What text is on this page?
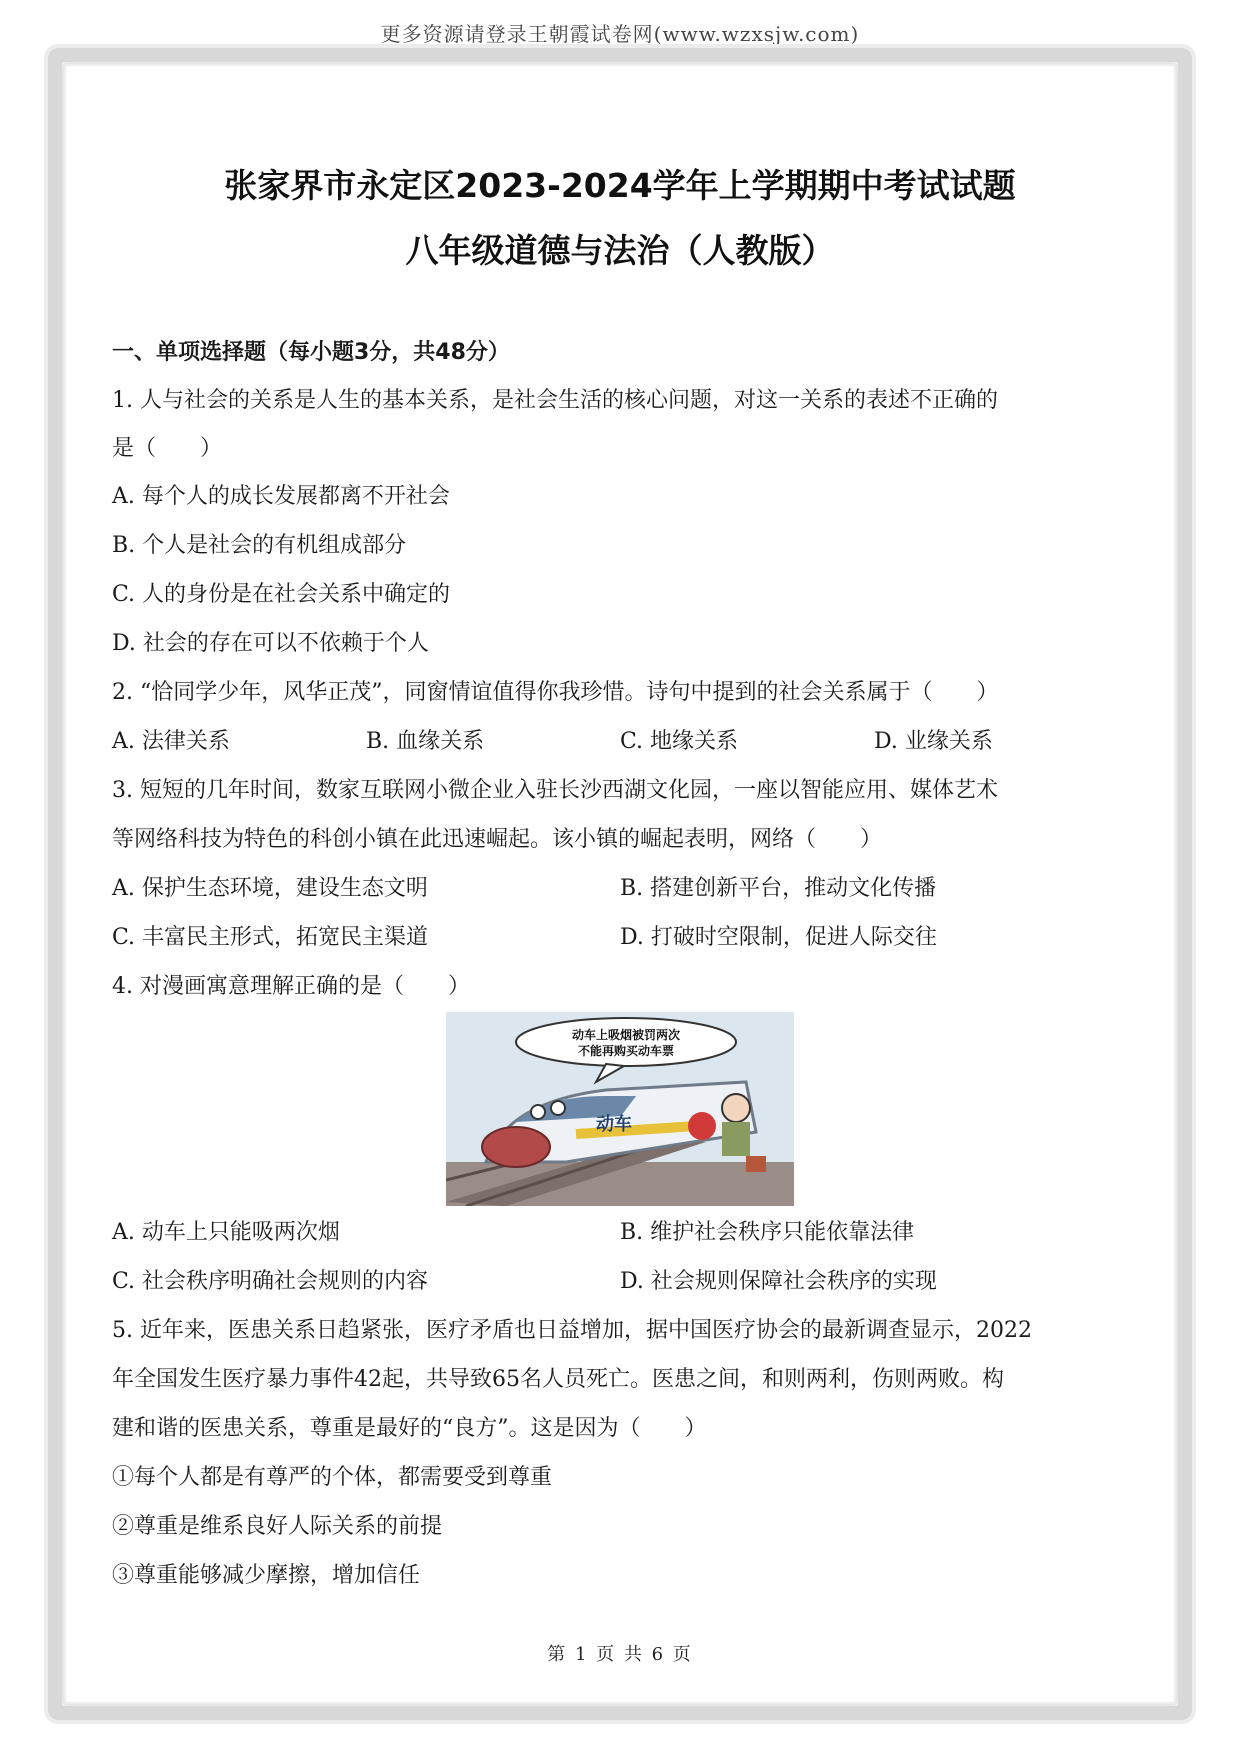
更多资源请登录王朝霞试卷网(www.wzxsjw.com)
张家界市永定区2023-2024学年上学期期中考试试题
八年级道德与法治（人教版）
一、单项选择题（每小题3分，共48分）
1. 人与社会的关系是人生的基本关系，是社会生活的核心问题，对这一关系的表述不正确的
是（　　）
A. 每个人的成长发展都离不开社会
B. 个人是社会的有机组成部分
C. 人的身份是在社会关系中确定的
D. 社会的存在可以不依赖于个人
2. “恰同学少年，风华正茂”，同窗情谊值得你我珍惜。诗句中提到的社会关系属于（　　）
A. 法律关系	B. 血缘关系	C. 地缘关系	D. 业缘关系
3. 短短的几年时间，数家互联网小微企业入驻长沙西湖文化园，一座以智能应用、媒体艺术
等网络科技为特色的科创小镇在此迅速崛起。该小镇的崛起表明，网络（　　）
A. 保护生态环境，建设生态文明	B. 搭建创新平台，推动文化传播
C. 丰富民主形式，拓宽民主渠道	D. 打破时空限制，促进人际交往
4. 对漫画寓意理解正确的是（　　）
动车上吸烟被罚两次
不能再购买动车票
动车
A. 动车上只能吸两次烟	B. 维护社会秩序只能依靠法律
C. 社会秩序明确社会规则的内容	D. 社会规则保障社会秩序的实现
5. 近年来，医患关系日趋紧张，医疗矛盾也日益增加，据中国医疗协会的最新调查显示，2022
年全国发生医疗暴力事件42起，共导致65名人员死亡。医患之间，和则两利，伤则两败。构
建和谐的医患关系，尊重是最好的“良方”。这是因为（　　）
①每个人都是有尊严的个体，都需要受到尊重
②尊重是维系良好人际关系的前提
③尊重能够减少摩擦，增加信任
第 1 页 共 6 页
